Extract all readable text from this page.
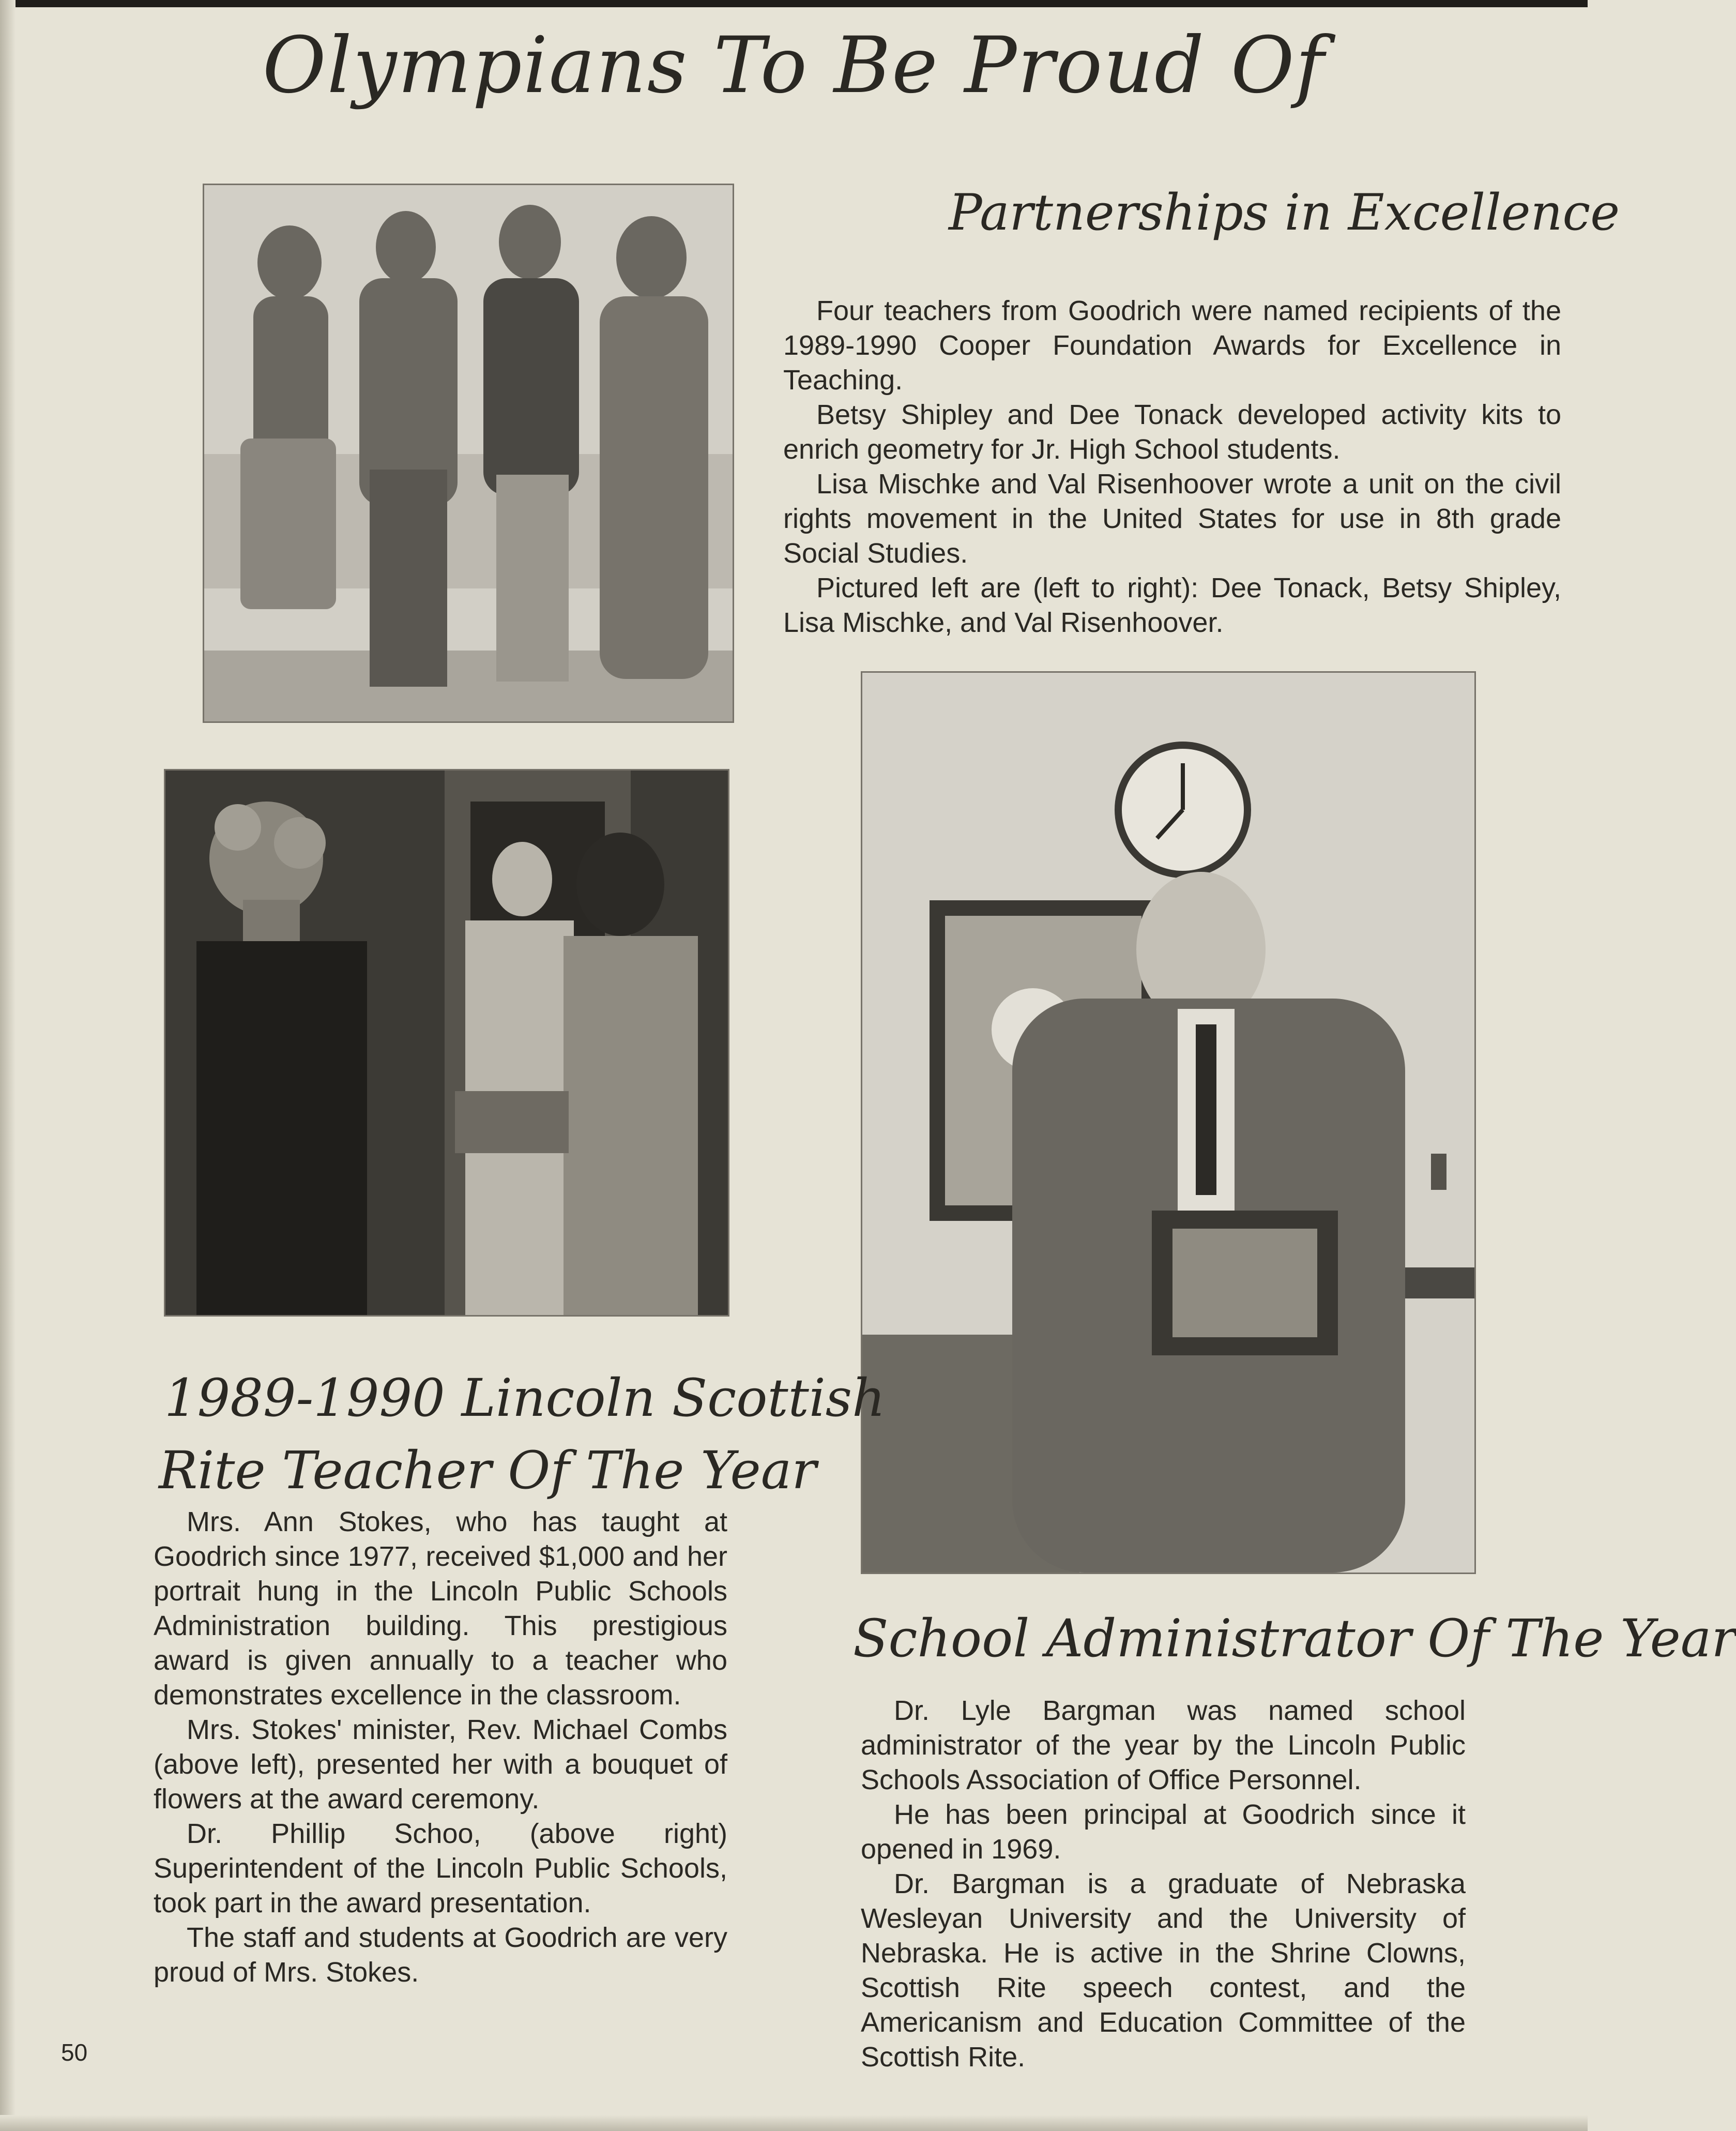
Olympians To Be Proud Of
Partnerships in Excellence

Four teachers from Goodrich were named recipients of the 1989-1990 Cooper Foundation Awards for Excellence in Teaching.

Betsy Shipley and Dee Tonack developed activity kits to enrich geometry for Jr. High School students.

Lisa Mischke and Val Risenhoover wrote a unit on the civil rights movement in the United States for use in 8th grade Social Studies.

Pictured left are (left to right): Dee Tonack, Betsy Shipley, Lisa Mischke, and Val Risenhoover.

1989-1990 Lincoln Scottish
Rite Teacher Of The Year

Mrs. Ann Stokes, who has taught at Goodrich since 1977, received $1,000 and her portrait hung in the Lincoln Public Schools Administration building. This prestigious award is given annually to a teacher who demonstrates excellence in the classroom.

Mrs. Stokes' minister, Rev. Michael Combs (above left), presented her with a bouquet of flowers at the award ceremony.

Dr. Phillip Schoo, (above right) Superintendent of the Lincoln Public Schools, took part in the award presentation.

The staff and students at Goodrich are very proud of Mrs. Stokes.

School Administrator Of The Year

Dr. Lyle Bargman was named school administrator of the year by the Lincoln Public Schools Association of Office Personnel.

He has been principal at Goodrich since it opened in 1969.

Dr. Bargman is a graduate of Nebraska Wesleyan University and the University of Nebraska. He is active in the Shrine Clowns, Scottish Rite speech contest, and the Americanism and Education Committee of the Scottish Rite.

50
